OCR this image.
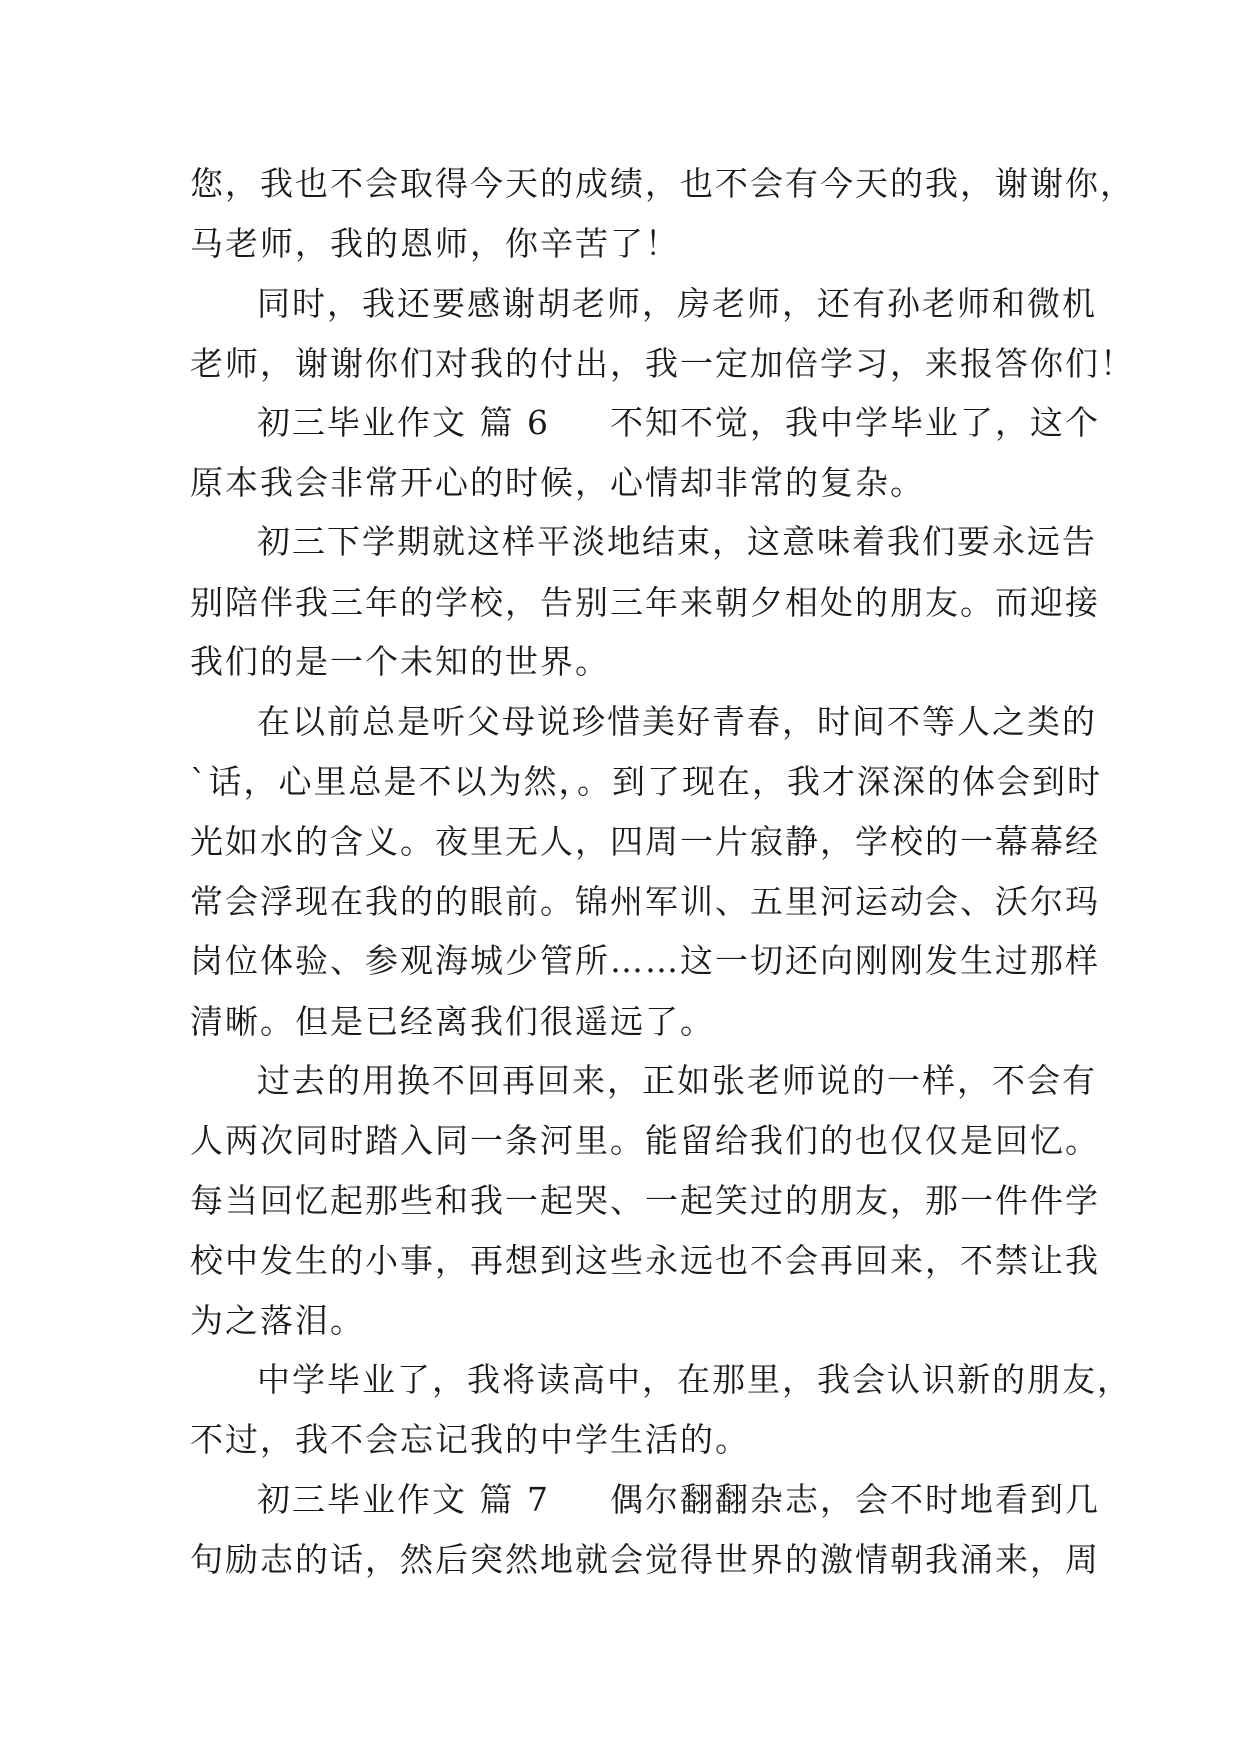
您，我也不会取得今天的成绩，也不会有今天的我，谢谢你，
马老师，我的恩师，你辛苦了！
同时，我还要感谢胡老师，房老师，还有孙老师和微机
老师，谢谢你们对我的付出，我一定加倍学习，来报答你们！
初三毕业作文 篇 6 不知不觉，我中学毕业了，这个
原本我会非常开心的时候，心情却非常的复杂。
初三下学期就这样平淡地结束，这意味着我们要永远告
别陪伴我三年的学校，告别三年来朝夕相处的朋友。而迎接
我们的是一个未知的世界。
在以前总是听父母说珍惜美好青春，时间不等人之类的
`话，心里总是不以为然，。到了现在，我才深深的体会到时
光如水的含义。夜里无人，四周一片寂静，学校的一幕幕经
常会浮现在我的的眼前。锦州军训、五里河运动会、沃尔玛
岗位体验、参观海城少管所……这一切还向刚刚发生过那样
清晰。但是已经离我们很遥远了。
过去的用换不回再回来，正如张老师说的一样，不会有
人两次同时踏入同一条河里。能留给我们的也仅仅是回忆。
每当回忆起那些和我一起哭、一起笑过的朋友，那一件件学
校中发生的小事，再想到这些永远也不会再回来，不禁让我
为之落泪。
中学毕业了，我将读高中，在那里，我会认识新的朋友，
不过，我不会忘记我的中学生活的。
初三毕业作文 篇 7 偶尔翻翻杂志，会不时地看到几
句励志的话，然后突然地就会觉得世界的激情朝我涌来，周
